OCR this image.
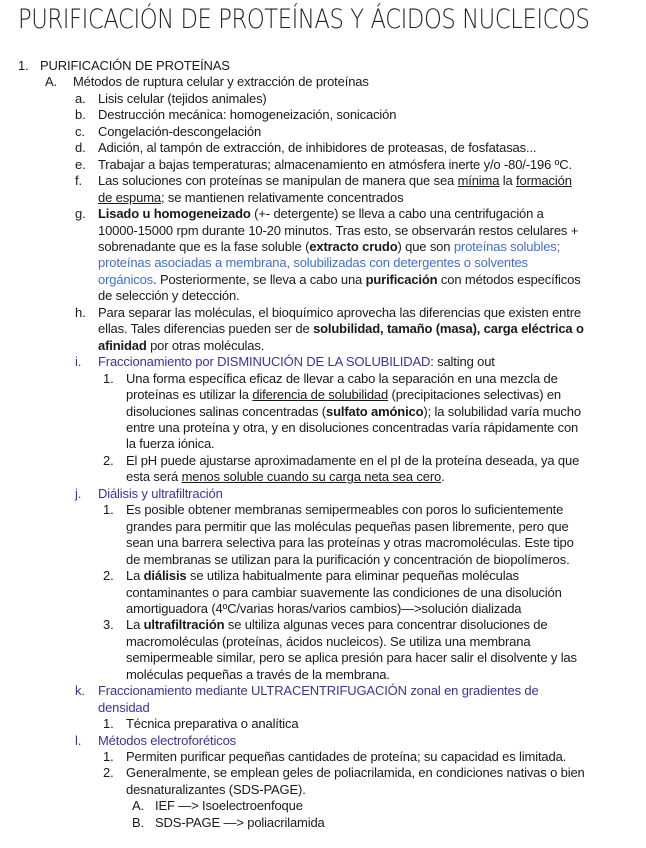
PURIFICACIÓN DE PROTEÍNAS Y ÁCIDOS NUCLEICOS
1. PURIFICACIÓN DE PROTEÍNAS
A. Métodos de ruptura celular y extracción de proteínas
a. Lisis celular (tejidos animales)
b. Destrucción mecánica: homogeneización, sonicación
c. Congelación-descongelación
d. Adición, al tampón de extracción, de inhibidores de proteasas, de fosfatasas...
e. Trabajar a bajas temperaturas; almacenamiento en atmósfera inerte y/o -80/-196 ºC.
f. Las soluciones con proteínas se manipulan de manera que sea mínima la formación
de espuma; se mantienen relativamente concentrados
g. Lisado u homogeneizado (+- detergente) se lleva a cabo una centrifugación a
10000-15000 rpm durante 10-20 minutos. Tras esto, se observarán restos celulares +
sobrenadante que es la fase soluble (extracto crudo) que son proteínas solubles;
proteínas asociadas a membrana, solubilizadas con detergentes o solventes
orgánicos. Posteriormente, se lleva a cabo una purificación con métodos específicos
de selección y detección.
h. Para separar las moléculas, el bioquímico aprovecha las diferencias que existen entre
ellas. Tales diferencias pueden ser de solubilidad, tamaño (masa), carga eléctrica o
afinidad por otras moléculas.
i. Fraccionamiento por DISMINUCIÓN DE LA SOLUBILIDAD: salting out
1. Una forma específica eficaz de llevar a cabo la separación en una mezcla de
proteínas es utilizar la diferencia de solubilidad (precipitaciones selectivas) en
disoluciones salinas concentradas (sulfato amónico); la solubilidad varía mucho
entre una proteína y otra, y en disoluciones concentradas varía rápidamente con
la fuerza iónica.
2. El pH puede ajustarse aproximadamente en el pI de la proteína deseada, ya que
esta será menos soluble cuando su carga neta sea cero.
j. Diálisis y ultrafiltración
1. Es posible obtener membranas semipermeables con poros lo suficientemente
grandes para permitir que las moléculas pequeñas pasen libremente, pero que
sean una barrera selectiva para las proteínas y otras macromoléculas. Este tipo
de membranas se utilizan para la purificación y concentración de biopolímeros.
2. La diálisis se utiliza habitualmente para eliminar pequeñas moléculas
contaminantes o para cambiar suavemente las condiciones de una disolución
amortiguadora (4ºC/varias horas/varios cambios)—>solución dializada
3. La ultrafiltración se ultiliza algunas veces para concentrar disoluciones de
macromoléculas (proteínas, ácidos nucleicos). Se utiliza una membrana
semipermeable similar, pero se aplica presión para hacer salir el disolvente y las
moléculas pequeñas a través de la membrana.
k. Fraccionamiento mediante ULTRACENTRIFUGACIÓN zonal en gradientes de
densidad
1. Técnica preparativa o analítica
l. Métodos electroforéticos
1. Permiten purificar pequeñas cantidades de proteína; su capacidad es limitada.
2. Generalmente, se emplean geles de poliacrilamida, en condiciones nativas o bien
desnaturalizantes (SDS-PAGE).
A. IEF —> Isoelectroenfoque
B. SDS-PAGE —> poliacrilamida
